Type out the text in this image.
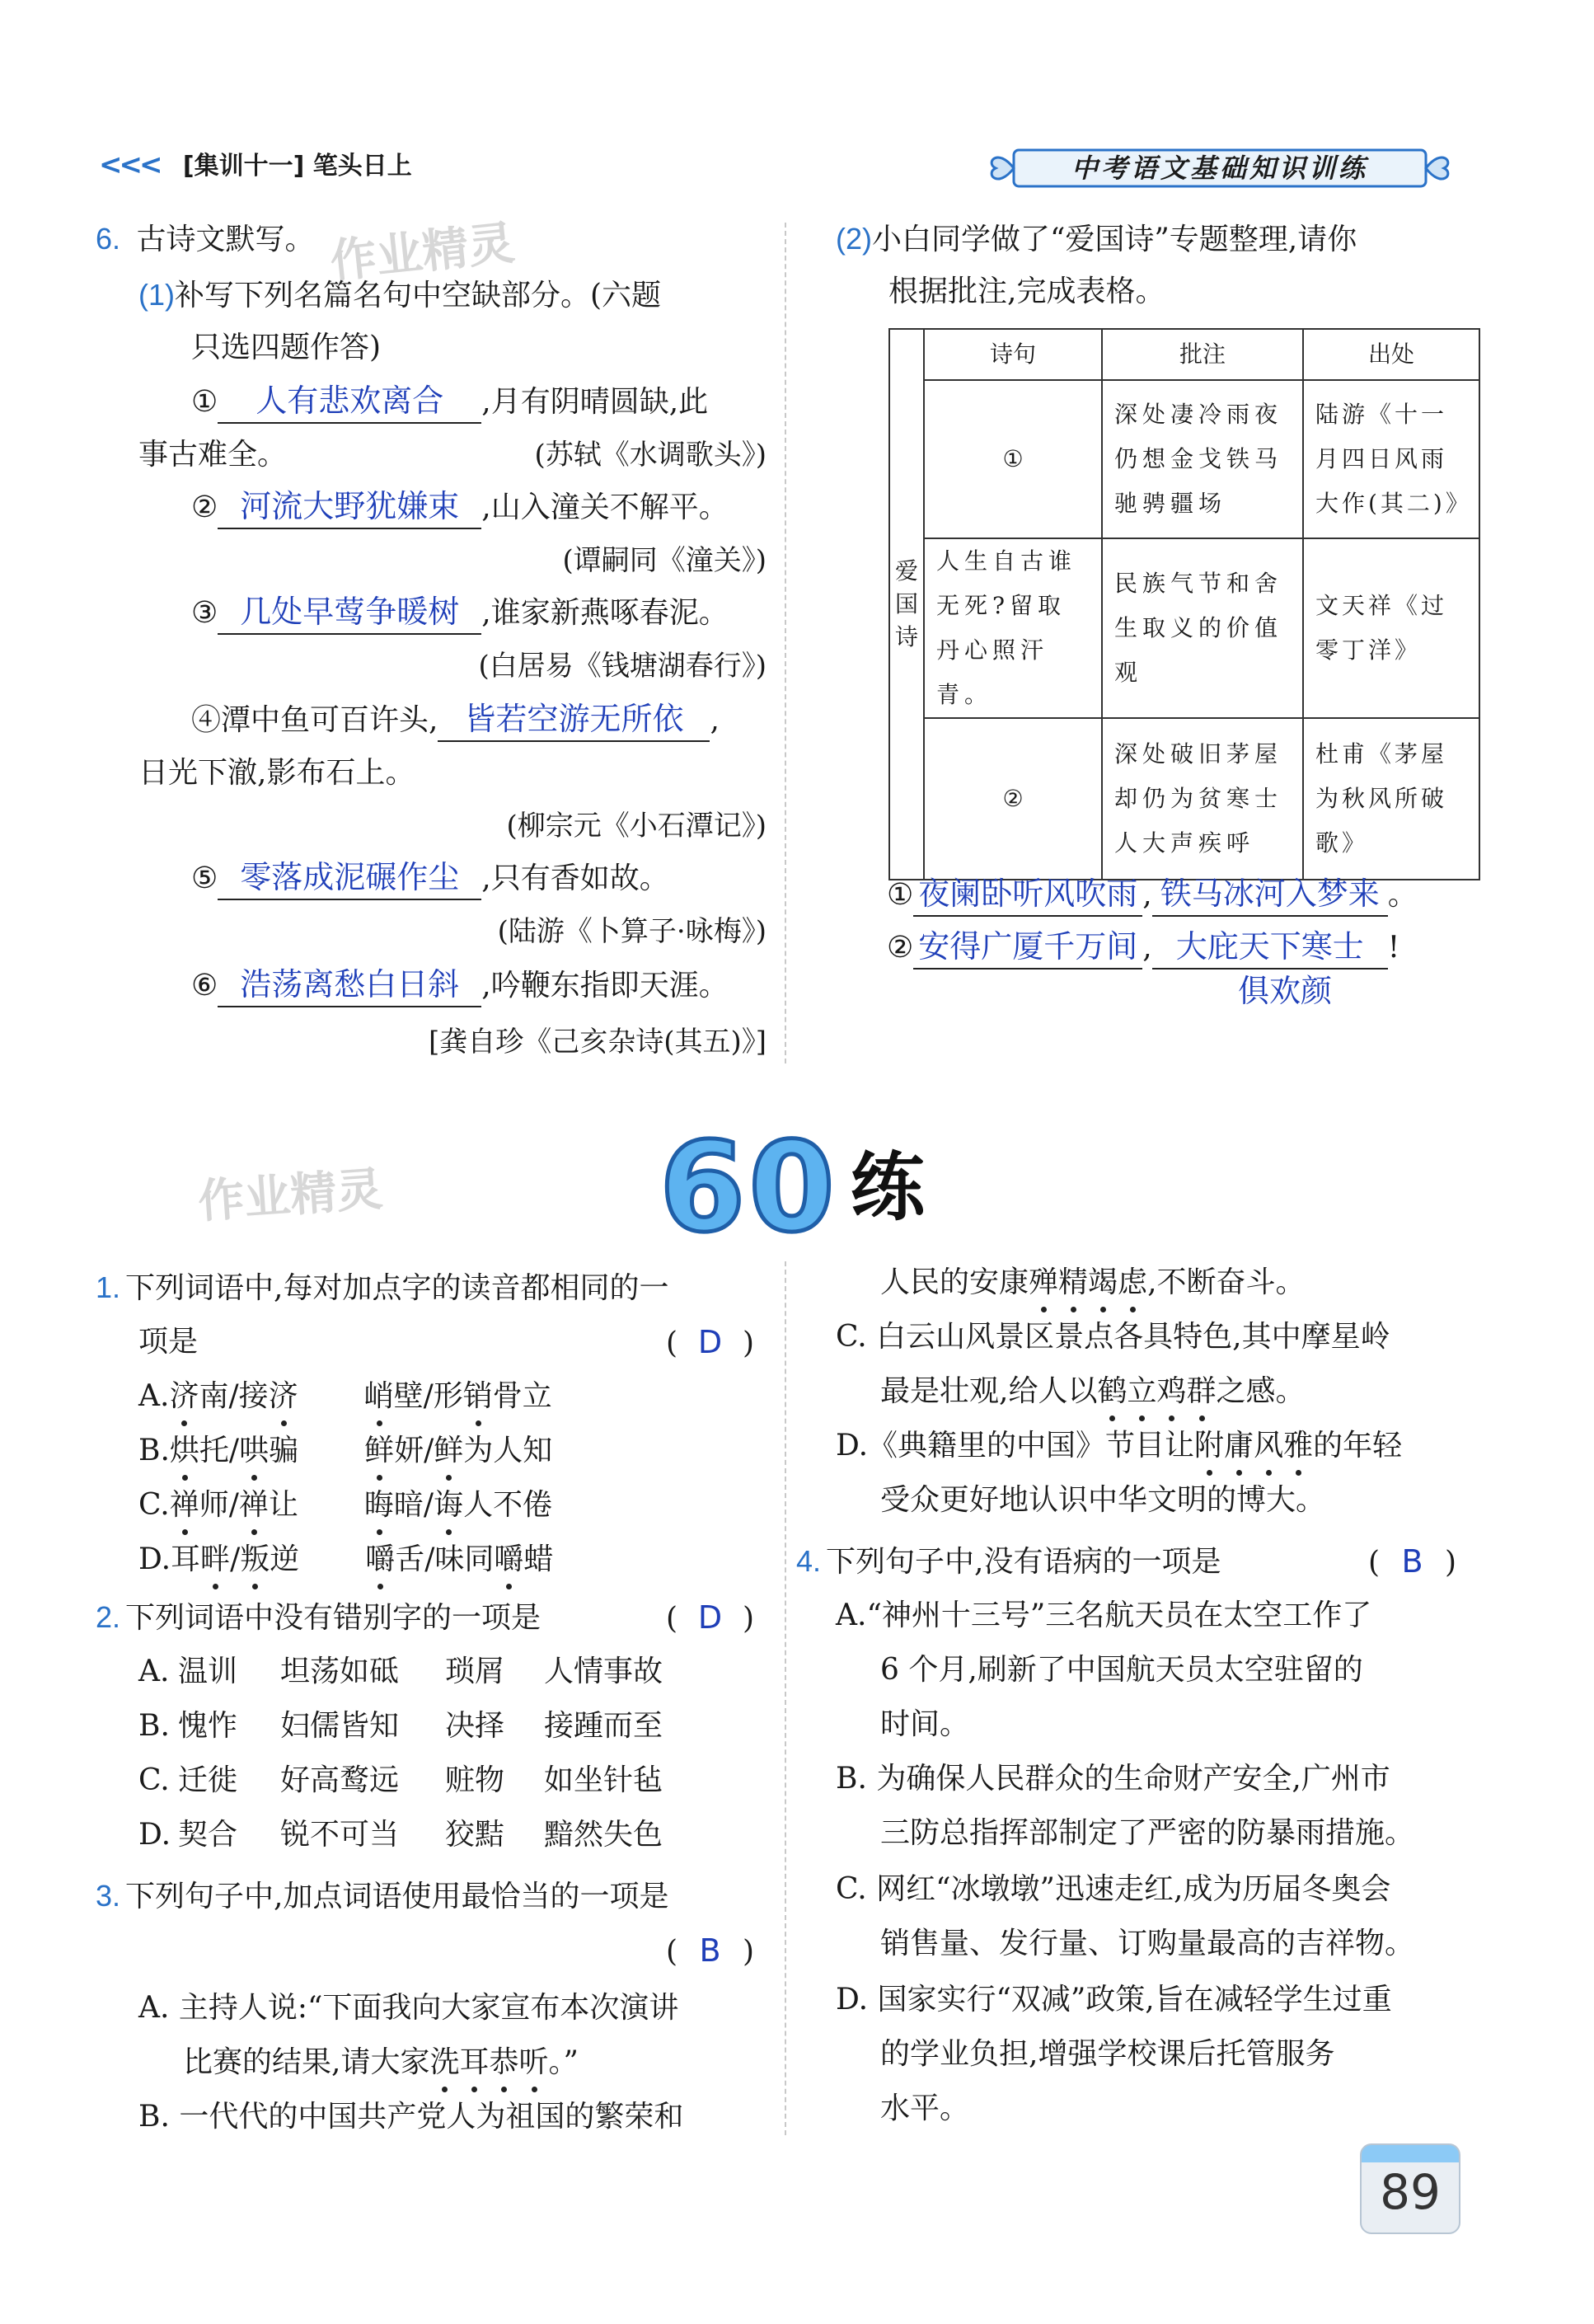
<<< [集训十一] 笔头日上	中考语文基础知识训练
6. 古诗文默写。 作业精灵
(1)补写下列名篇名句中空缺部分。(六题
只选四题作答)
① 人有悲欢离合 ,月有阴晴圆缺,此
事古难全。	(苏轼《水调歌头》)
② 河流大野犹嫌束 ,山入潼关不解平。
(谭嗣同《潼关》)
③ 几处早莺争暖树 ,谁家新燕啄春泥。
(白居易《钱塘湖春行》)
④潭中鱼可百许头, 皆若空游无所依 ,
日光下澈,影布石上。
(柳宗元《小石潭记》)
⑤ 零落成泥碾作尘 ,只有香如故。
(陆游《卜算子·咏梅》)
⑥ 浩荡离愁白日斜 ,吟鞭东指即天涯。
[龚自珍《己亥杂诗(其五)》]
(2)小白同学做了“爱国诗”专题整理,请你
根据批注,完成表格。
爱国诗	诗句	批注	出处
	①	深处凄冷雨夜仍想金戈铁马驰骋疆场	陆游《十一月四日风雨大作(其二)》
	人生自古谁无死?留取丹心照汗青。	民族气节和舍生取义的价值观	文天祥《过零丁洋》
	②	深处破旧茅屋却仍为贫寒士人大声疾呼	杜甫《茅屋为秋风所破歌》
① 夜阑卧听风吹雨 , 铁马冰河入梦来 。
② 安得广厦千万间 , 大庇天下寒士 !
俱欢颜
作业精灵 60 练
1. 下列词语中,每对加点字的读音都相同的一
项是	( D )
A.济南/接济 峭壁/形销骨立
B.烘托/哄骗 鲜妍/鲜为人知
C.禅师/禅让 晦暗/诲人不倦
D.耳畔/叛逆 嚼舌/味同嚼蜡
2. 下列词语中没有错别字的一项是	( D )
A. 温训 坦荡如砥 琐屑 人情事故
B. 愧怍 妇儒皆知 决择 接踵而至
C. 迁徙 好高鹜远 赃物 如坐针毡
D. 契合 锐不可当 狡黠 黯然失色
3. 下列句子中,加点词语使用最恰当的一项是
( B )
A. 主持人说:“下面我向大家宣布本次演讲
比赛的结果,请大家洗耳恭听。”
B. 一代代的中国共产党人为祖国的繁荣和
人民的安康殚精竭虑,不断奋斗。
C. 白云山风景区景点各具特色,其中摩星岭
最是壮观,给人以鹤立鸡群之感。
D.《典籍里的中国》节目让附庸风雅的年轻
受众更好地认识中华文明的博大。
4. 下列句子中,没有语病的一项是	( B )
A.“神州十三号”三名航天员在太空工作了
6 个月,刷新了中国航天员太空驻留的
时间。
B. 为确保人民群众的生命财产安全,广州市
三防总指挥部制定了严密的防暴雨措施。
C. 网红“冰墩墩”迅速走红,成为历届冬奥会
销售量、发行量、订购量最高的吉祥物。
D. 国家实行“双减”政策,旨在减轻学生过重
的学业负担,增强学校课后托管服务
水平。
89
